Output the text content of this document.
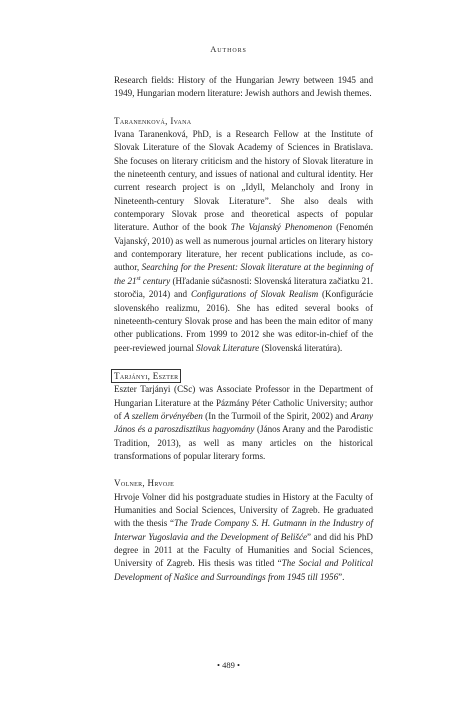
Authors

Research fields: History of the Hungarian Jewry between 1945 and 1949, Hungarian modern literature: Jewish authors and Jewish themes.

Taranenková, Ivana

Ivana Taranenková, PhD, is a Research Fellow at the Institute of Slovak Literature of the Slovak Academy of Sciences in Bratislava. She focuses on literary criticism and the history of Slovak literature in the nineteenth century, and issues of national and cultural identity. Her current research project is on „Idyll, Melancholy and Irony in Nineteenth-century Slovak Literature”. She also deals with contemporary Slovak prose and theoretical aspects of popular literature. Author of the book The Vajanský Phenomenon (Fenomén Vajanský, 2010) as well as numerous journal articles on literary history and contemporary literature, her recent publications include, as co-author, Searching for the Present: Slovak literature at the beginning of the 21st century (Hľadanie súčasnosti: Slovenská literatura začiatku 21. storočia, 2014) and Configurations of Slovak Realism (Konfigurácie slovenského realizmu, 2016). She has edited several books of nineteenth-century Slovak prose and has been the main editor of many other publications. From 1999 to 2012 she was editor-in-chief of the peer-reviewed journal Slovak Literature (Slovenská literatúra).

Tarjányi, Eszter

Eszter Tarjányi (CSc) was Associate Professor in the Department of Hungarian Literature at the Pázmány Péter Catholic University; author of A szellem örvényében (In the Turmoil of the Spirit, 2002) and Arany János és a paroszdisztikus hagyomány (János Arany and the Parodistic Tradition, 2013), as well as many articles on the historical transformations of popular literary forms.

Volner, Hrvoje

Hrvoje Volner did his postgraduate studies in History at the Faculty of Humanities and Social Sciences, University of Zagreb. He graduated with the thesis “The Trade Company S. H. Gutmann in the Industry of Interwar Yugoslavia and the Development of Belišće” and did his PhD degree in 2011 at the Faculty of Humanities and Social Sciences, University of Zagreb. His thesis was titled “The Social and Political Development of Našice and Surroundings from 1945 till 1956”.

• 489 •
